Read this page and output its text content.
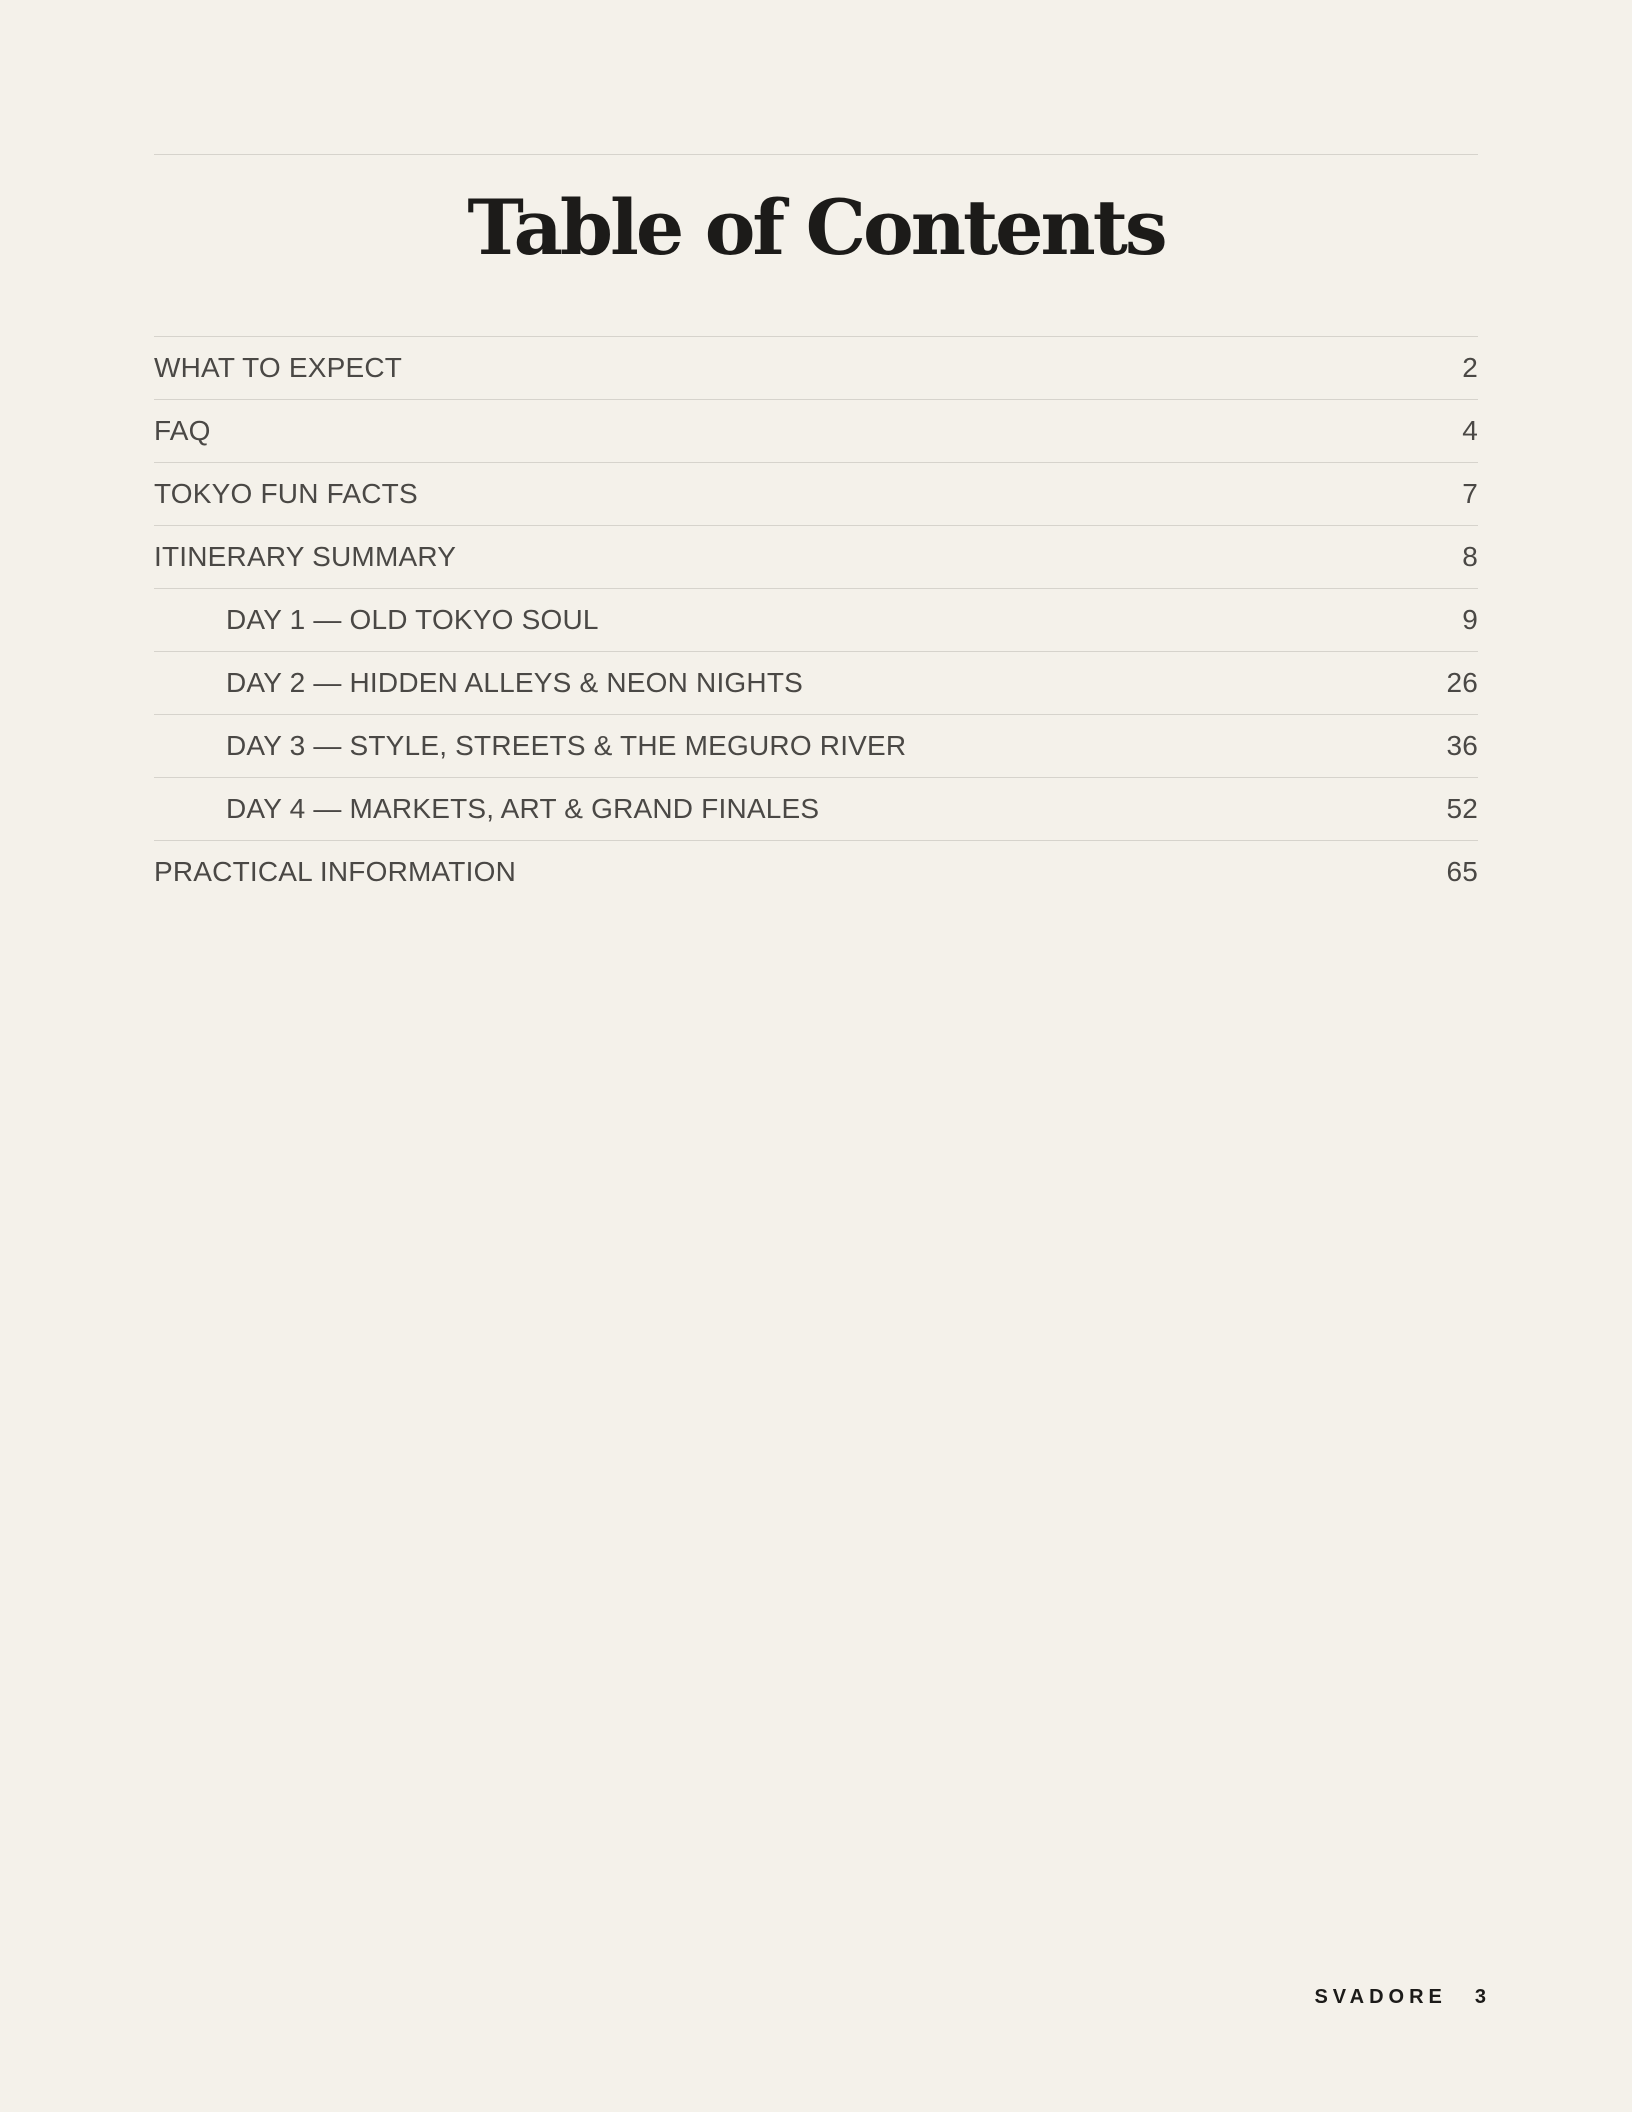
Table of Contents
WHAT TO EXPECT	2
FAQ	4
TOKYO FUN FACTS	7
ITINERARY SUMMARY	8
DAY 1 — OLD TOKYO SOUL	9
DAY 2 — HIDDEN ALLEYS & NEON NIGHTS	26
DAY 3 — STYLE, STREETS & THE MEGURO RIVER	36
DAY 4 — MARKETS, ART & GRAND FINALES	52
PRACTICAL INFORMATION	65
SVADORE 3
